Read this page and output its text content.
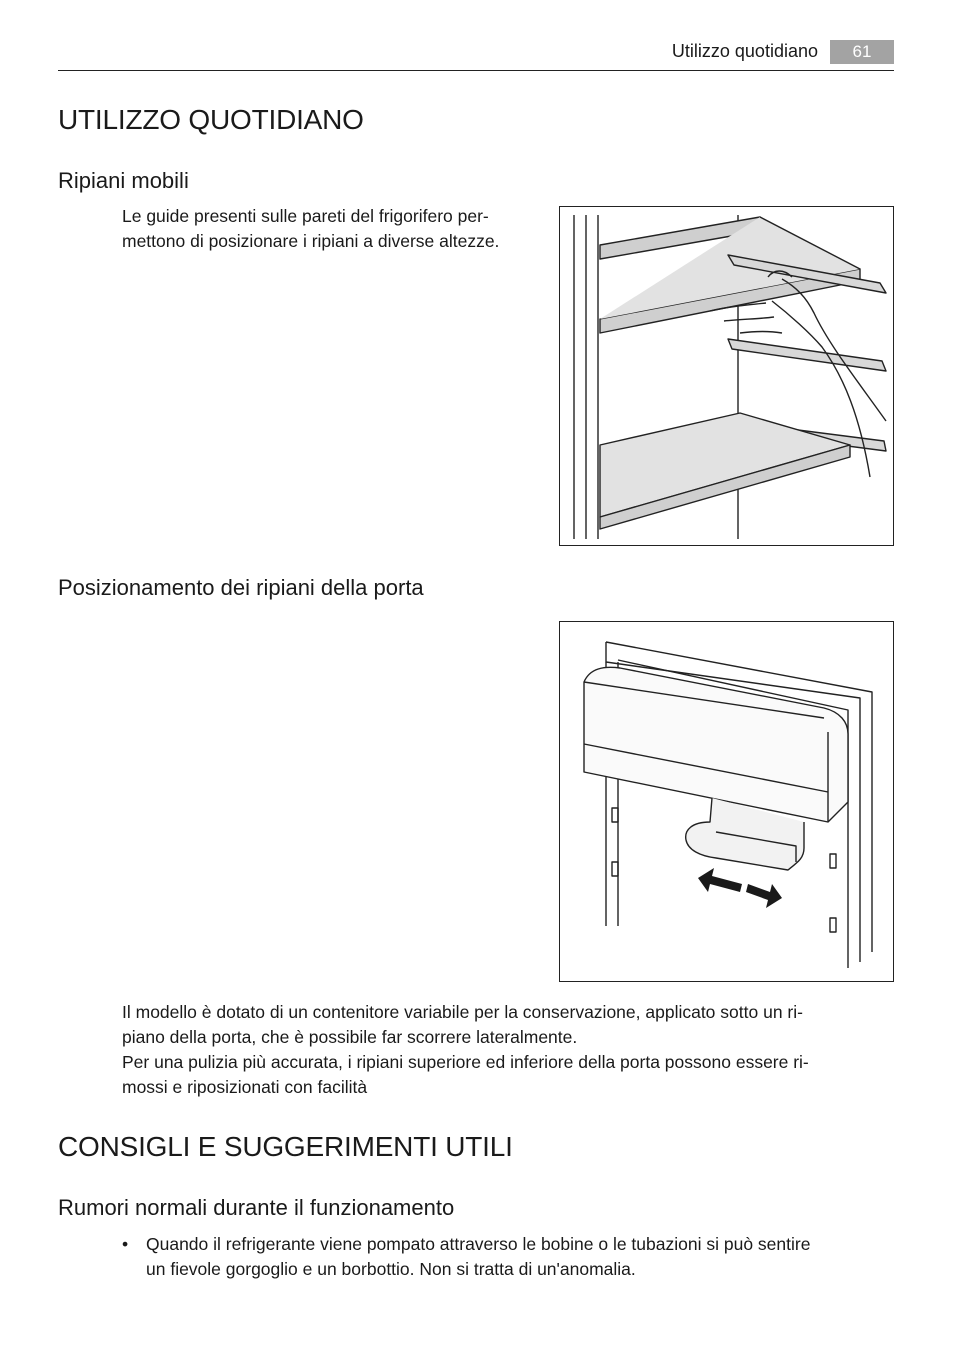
Utilizzo quotidiano	61
UTILIZZO QUOTIDIANO
Ripiani mobili

Le guide presenti sulle pareti del frigorifero per-
mettono di posizionare i ripiani a diverse altezze.

Posizionamento dei ripiani della porta

Il modello è dotato di un contenitore variabile per la conservazione, applicato sotto un ri-
piano della porta, che è possibile far scorrere lateralmente.
Per una pulizia più accurata, i ripiani superiore ed inferiore della porta possono essere ri-
mossi e riposizionati con facilità

CONSIGLI E SUGGERIMENTI UTILI
Rumori normali durante il funzionamento
• Quando il refrigerante viene pompato attraverso le bobine o le tubazioni si può sentire
un fievole gorgoglio e un borbottio. Non si tratta di un'anomalia.
